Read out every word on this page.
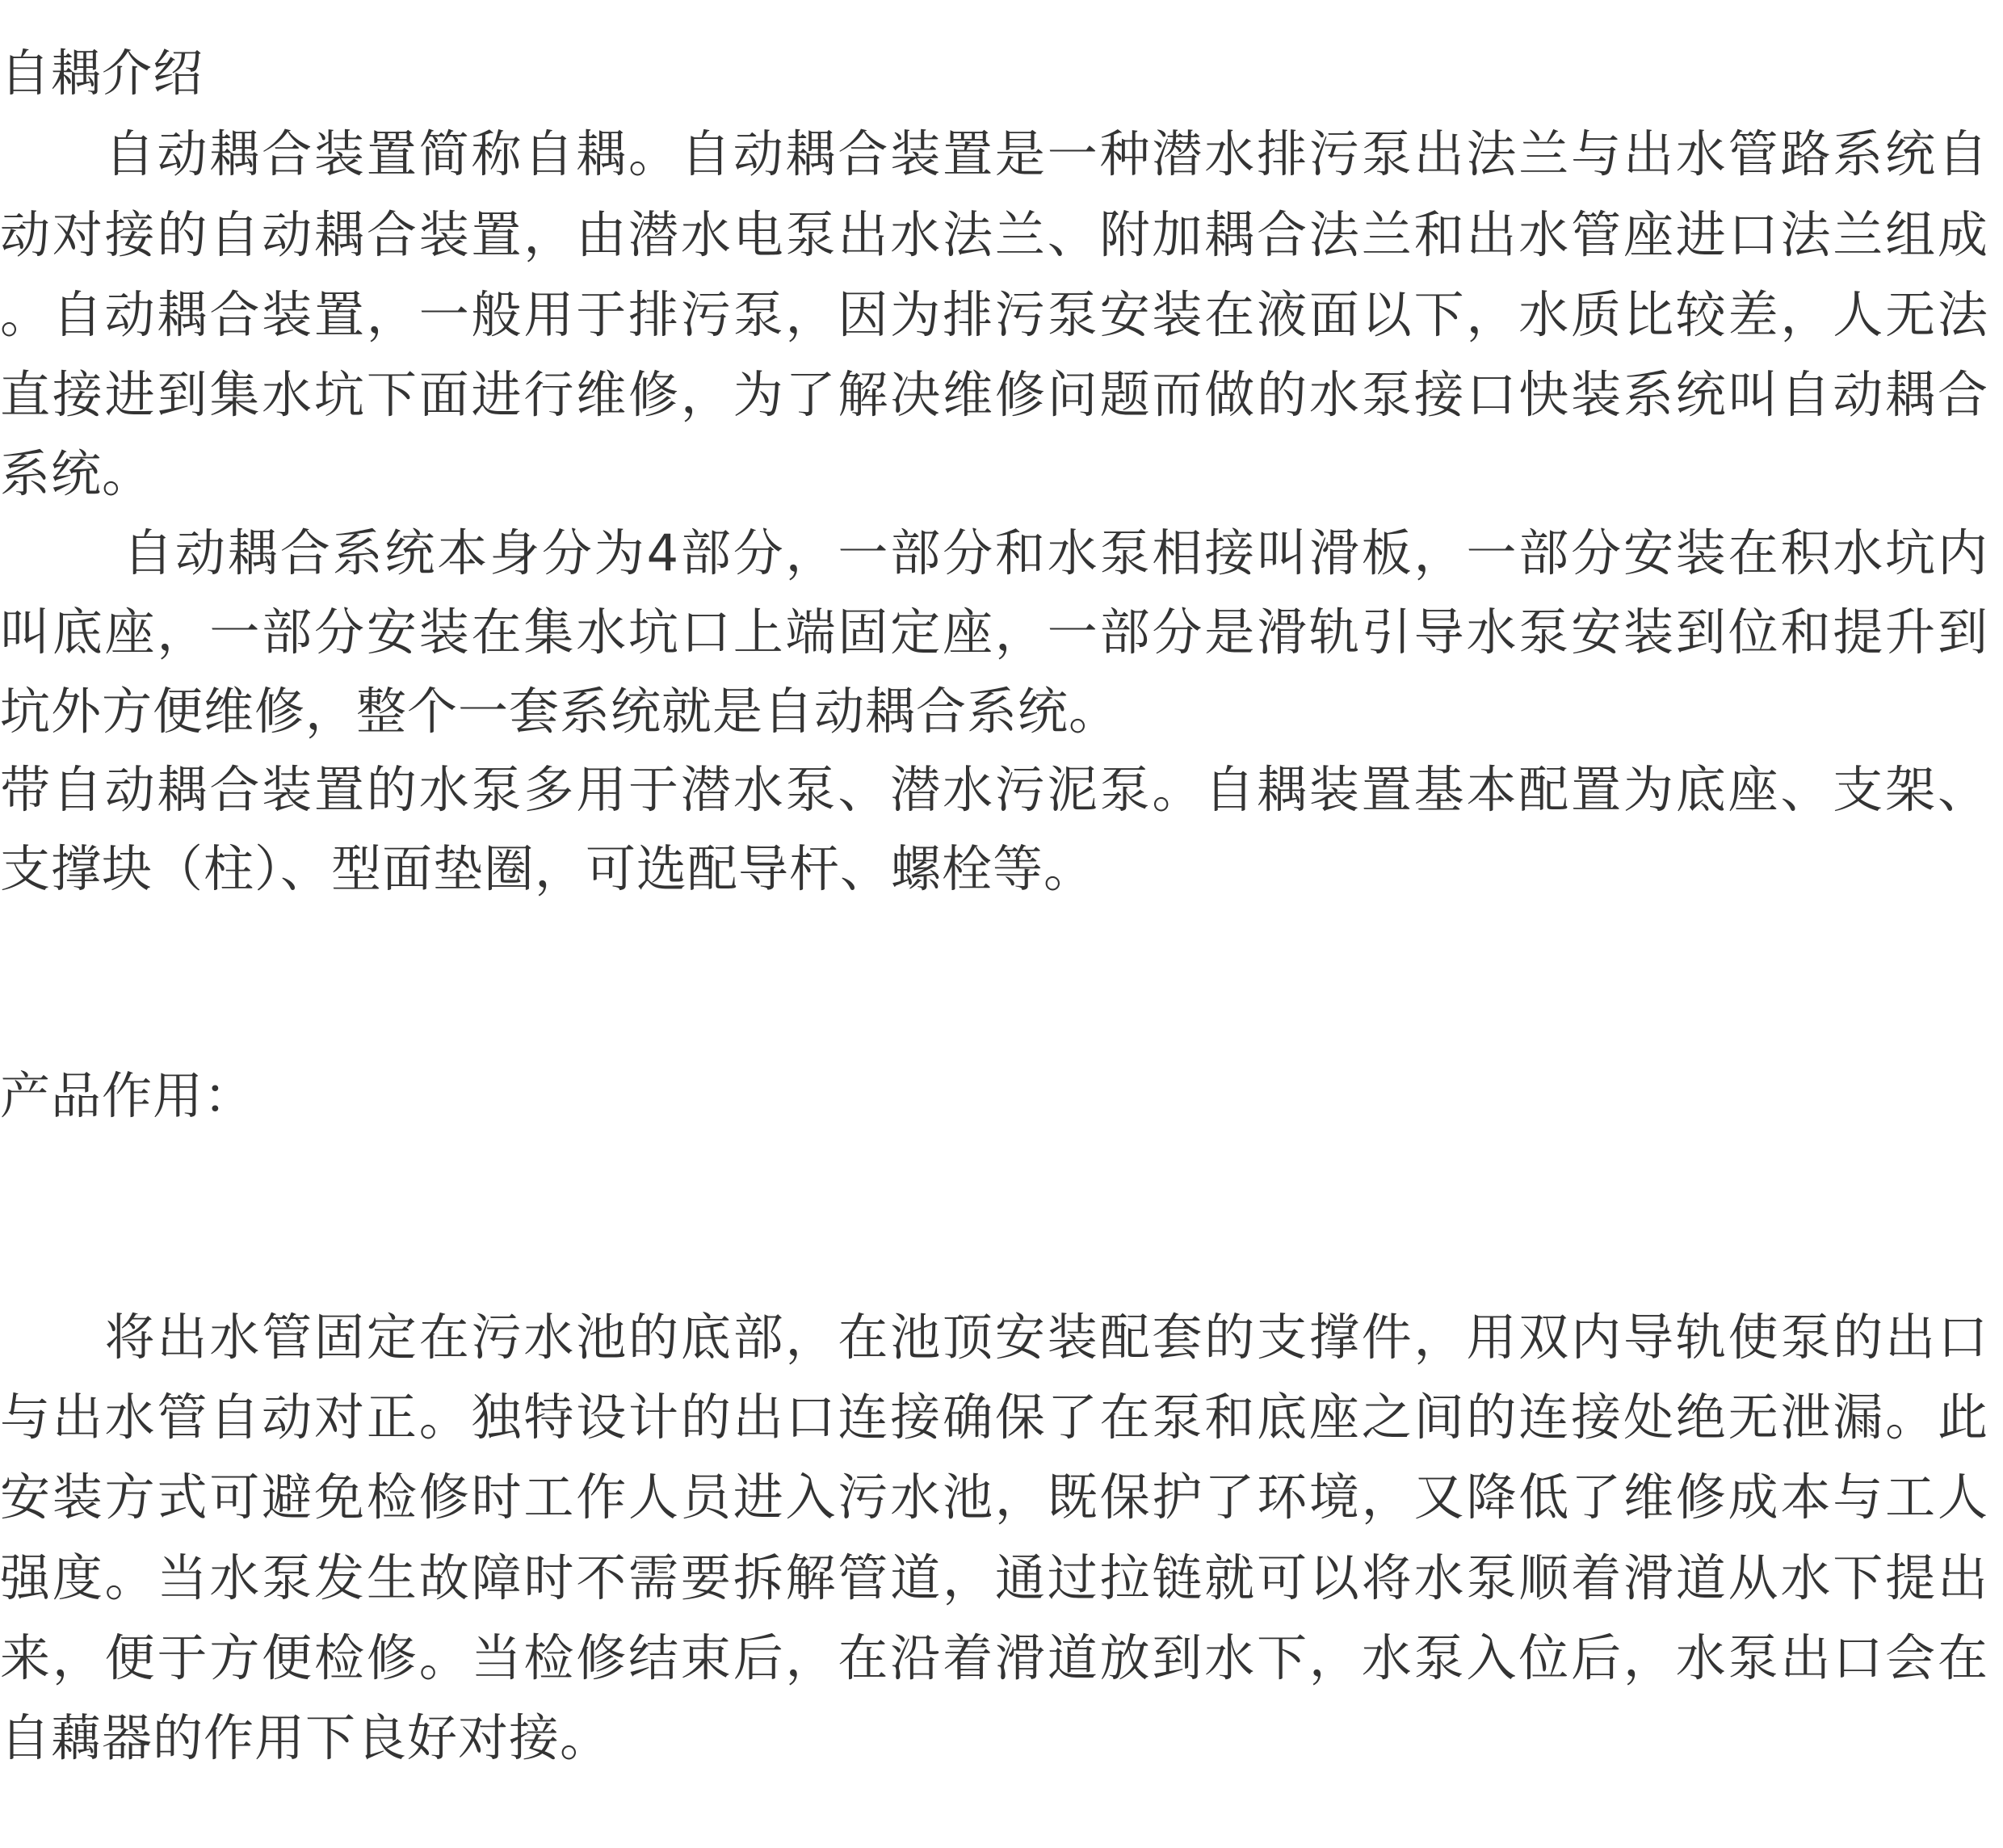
自耦介绍
　　自动耦合装置简称自耦。自动耦合装置是一种潜水排污泵出法兰与出水管路系统自
动对接的自动耦合装置，由潜水电泵出水法兰、附加耦合法兰和出水管座进口法兰组成
。自动耦合装置，一般用于排污泵，因为排污泵安装在液面以下，水质比较差，人无法
直接进到集水坑下面进行维修，为了解决维修问题而做的水泵接口快装系统叫自动耦合
系统。
　　 自动耦合系统本身分为4部分，一部分和水泵相接叫滑板，一部分安装在积水坑内
叫底座，一部分安装在集水坑口上端固定座，一部分是滑轨引导水泵安装到位和提升到
坑外方便维修，整个一套系统就是自动耦合系统。
带自动耦合装置的水泵多用于潜水泵、潜水污泥泵。自耦装置基本配置为底座、支架、
支撑块（柱）、型面垫圈，可选配导杆、螺栓等。
产品作用：
　　将出水管固定在污水池的底部，在池顶安装配套的支撑件，用双内导轨使泵的出口
与出水管自动对正。独特设计的出口连接确保了在泵和底座之间的连接处绝无泄漏。此
安装方式可避免检修时工作人员进入污水池，既保护了环境，又降低了维修成本与工人
强度。当水泵发生故障时不需要拆解管道，通过拉链就可以将水泵顺着滑道从水下提出
来，便于方便检修。当检修结束后，在沿着滑道放到水下，水泵入位后，水泵出口会在
自藕器的作用下良好对接。
